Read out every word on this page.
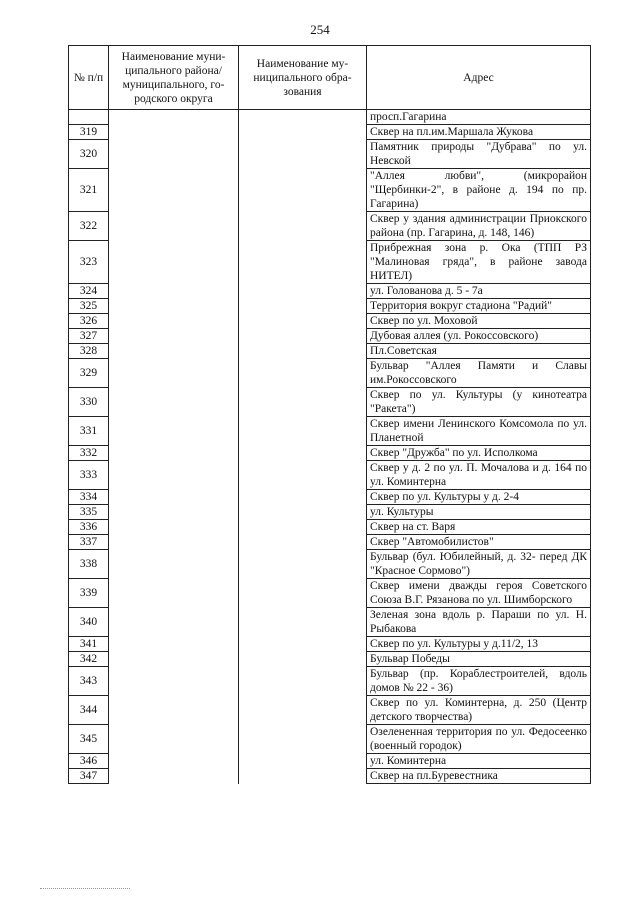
254
№ п/п	Наименование муни-ципального района/ муниципального, го-родского округа	Наименование му-ниципального обра-зования	Адрес
			просп.Гагарина
319			Сквер на пл.им.Маршала Жукова
320			Памятник природы "Дубрава" по ул. Невской
321			"Аллея любви", (микрорайон "Щербинки-2", в районе д. 194 по пр. Гагарина)
322			Сквер у здания администрации Приокского района (пр. Гагарина, д. 148, 146)
323			Прибрежная зона р. Ока (ТПП РЗ "Малиновая гряда", в районе завода НИТЕЛ)
324			ул. Голованова д. 5 - 7а
325			Территория вокруг стадиона "Радий"
326			Сквер по ул. Моховой
327			Дубовая аллея (ул. Рокоссовского)
328			Пл.Советская
329			Бульвар "Аллея Памяти и Славы им.Рокоссовского
330			Сквер по ул. Культуры (у кинотеатра "Ракета")
331			Сквер имени Ленинского Комсомола по ул. Планетной
332			Сквер "Дружба" по ул. Исполкома
333			Сквер у д. 2 по ул. П. Мочалова и д. 164 по ул. Коминтерна
334			Сквер по ул. Культуры у д. 2-4
335			ул. Культуры
336			Сквер на ст. Варя
337			Сквер "Автомобилистов"
338			Бульвар (бул. Юбилейный, д. 32- перед ДК "Красное Сормово")
339			Сквер имени дважды героя Советского Союза В.Г. Рязанова по ул. Шимборского
340			Зеленая зона вдоль р. Параши по ул. Н. Рыбакова
341			Сквер по ул. Культуры у д.11/2, 13
342			Бульвар Победы
343			Бульвар (пр. Кораблестроителей, вдоль домов № 22 - 36)
344			Сквер по ул. Коминтерна, д. 250 (Центр детского творчества)
345			Озелененная территория по ул. Федосеенко (военный городок)
346			ул. Коминтерна
347			Сквер на пл.Буревестника
